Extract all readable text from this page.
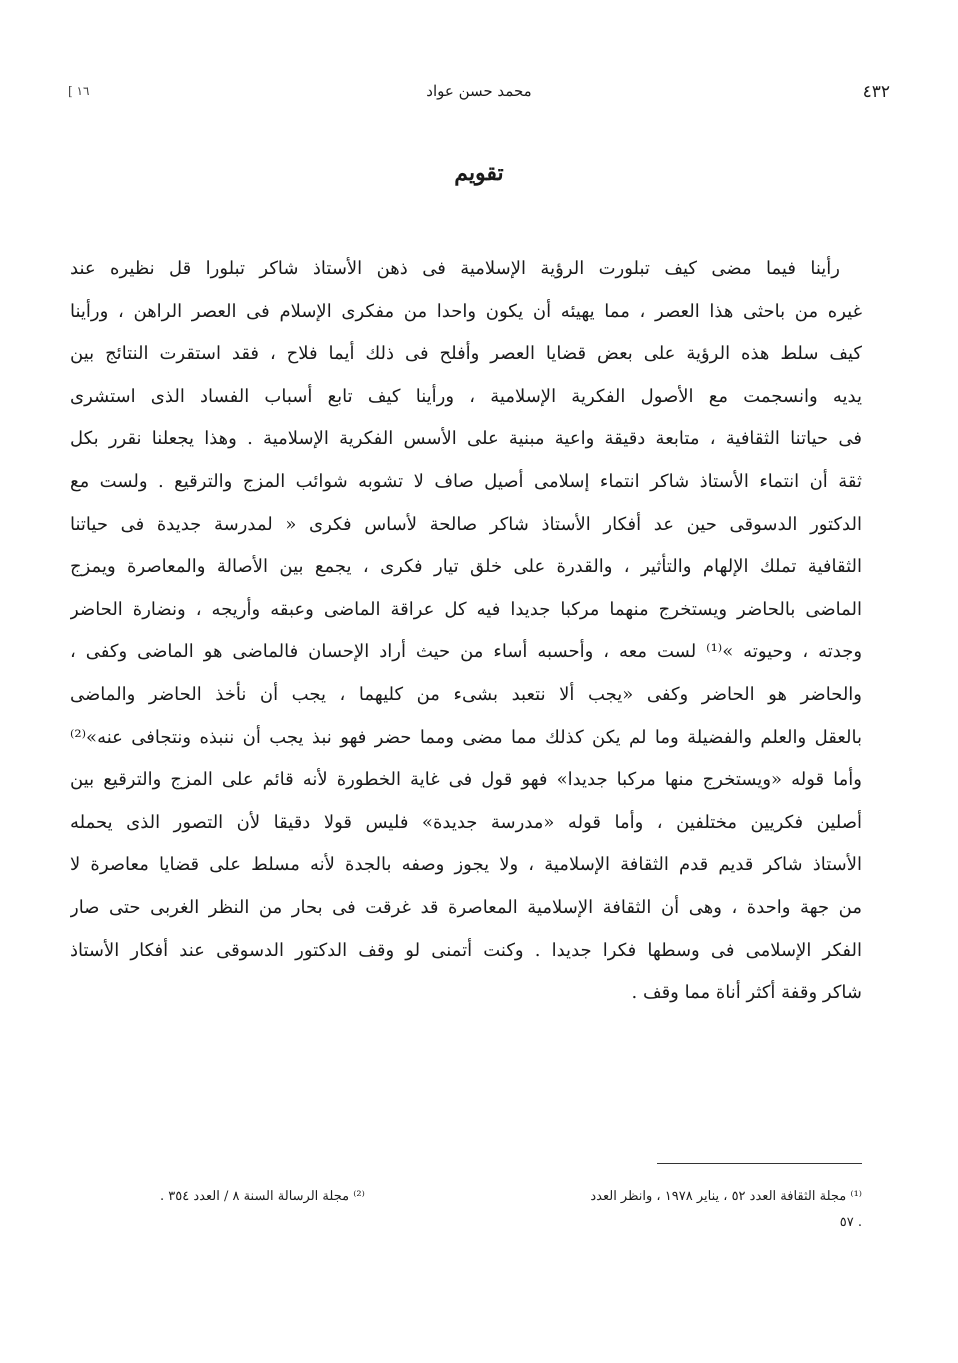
٤٣٢
محمد حسن عواد
١٦ ]
تقويم
رأينا فيما مضى كيف تبلورت الرؤية الإسلامية فى ذهن الأستاذ شاكر تبلورا قل نظيره عند
غيره من باحثى هذا العصر ، مما يهيئه أن يكون واحدا من مفكرى الإسلام فى العصر الراهن ، ورأينا
كيف سلط هذه الرؤية على بعض قضايا العصر وأفلح فى ذلك أيما فلاح ، فقد استقرت النتائج بين
يديه وانسجمت مع الأصول الفكرية الإسلامية ، ورأينا كيف تابع أسباب الفساد الذى استشرى
فى حياتنا الثقافية ، متابعة دقيقة واعية مبنية على الأسس الفكرية الإسلامية . وهذا يجعلنا نقرر بكل
ثقة أن انتماء الأستاذ شاكر انتماء إسلامى أصيل صاف لا تشوبه شوائب المزج والترقيع . ولست مع
الدكتور الدسوقى حين عد أفكار الأستاذ شاكر صالحة لأساس فكرى « لمدرسة جديدة فى حياتنا
الثقافية تملك الإلهام والتأثير ، والقدرة على خلق تيار فكرى ، يجمع بين الأصالة والمعاصرة ويمزج
الماضى بالحاضر ويستخرج منهما مركبا جديدا فيه كل عراقة الماضى وعبقه وأريجه ، ونضارة الحاضر
وجدته ، وحيوته »⁽¹⁾ لست معه ، وأحسبه أساء من حيث أراد الإحسان فالماضى هو الماضى وكفى ،
والحاضر هو الحاضر وكفى «يجب ألا نتعبد بشىء من كليهما ، يجب أن نأخذ الحاضر والماضى
بالعقل والعلم والفضيلة وما لم يكن كذلك مما مضى ومما حضر فهو نبذ يجب أن ننبذه ونتجافى عنه»⁽²⁾
وأما قوله «ويستخرج منها مركبا جديدا» فهو قول فى غاية الخطورة لأنه قائم على المزج والترقيع بين
أصلين فكريين مختلفين ، وأما قوله «مدرسة جديدة» فليس قولا دقيقا لأن التصور الذى يحمله
الأستاذ شاكر قديم قدم الثقافة الإسلامية ، ولا يجوز وصفه بالجدة لأنه مسلط على قضايا معاصرة لا
من جهة واحدة ، وهى أن الثقافة الإسلامية المعاصرة قد غرقت فى بحار من النظر الغربى حتى صار
الفكر الإسلامى فى وسطها فكرا جديدا . وكنت أتمنى لو وقف الدكتور الدسوقى عند أفكار الأستاذ
شاكر وقفة أكثر أناة مما وقف .
⁽¹⁾ مجلة الثقافة العدد ٥٢ ، يناير ١٩٧٨ ، وانظر العدد
⁽²⁾ مجلة الرسالة السنة ٨ / العدد ٣٥٤ .
. ٥٧
